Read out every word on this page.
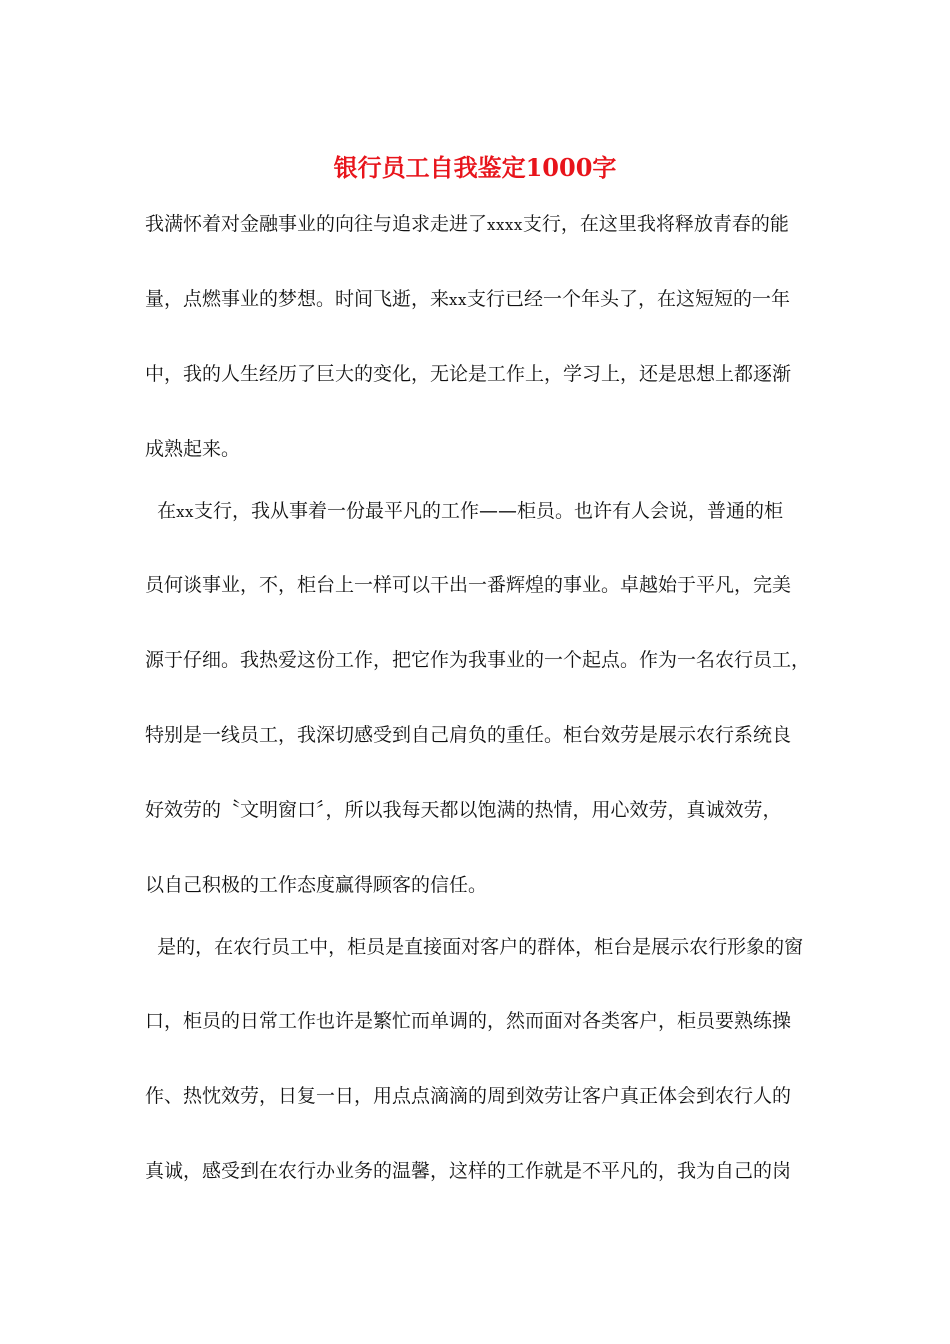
银行员工自我鉴定1000字

我满怀着对金融事业的向往与追求走进了xxxx支行，在这里我将释放青春的能

量，点燃事业的梦想。时间飞逝，来xx支行已经一个年头了，在这短短的一年

中，我的人生经历了巨大的变化，无论是工作上，学习上，还是思想上都逐渐

成熟起来。

在xx支行，我从事着一份最平凡的工作——柜员。也许有人会说，普通的柜

员何谈事业，不，柜台上一样可以干出一番辉煌的事业。卓越始于平凡，完美

源于仔细。我热爱这份工作，把它作为我事业的一个起点。作为一名农行员工，

特别是一线员工，我深切感受到自己肩负的重任。柜台效劳是展示农行系统良

好效劳的〝文明窗口〞，所以我每天都以饱满的热情，用心效劳，真诚效劳，

以自己积极的工作态度赢得顾客的信任。

是的，在农行员工中，柜员是直接面对客户的群体，柜台是展示农行形象的窗

口，柜员的日常工作也许是繁忙而单调的，然而面对各类客户，柜员要熟练操

作、热忱效劳，日复一日，用点点滴滴的周到效劳让客户真正体会到农行人的

真诚，感受到在农行办业务的温馨，这样的工作就是不平凡的，我为自己的岗
